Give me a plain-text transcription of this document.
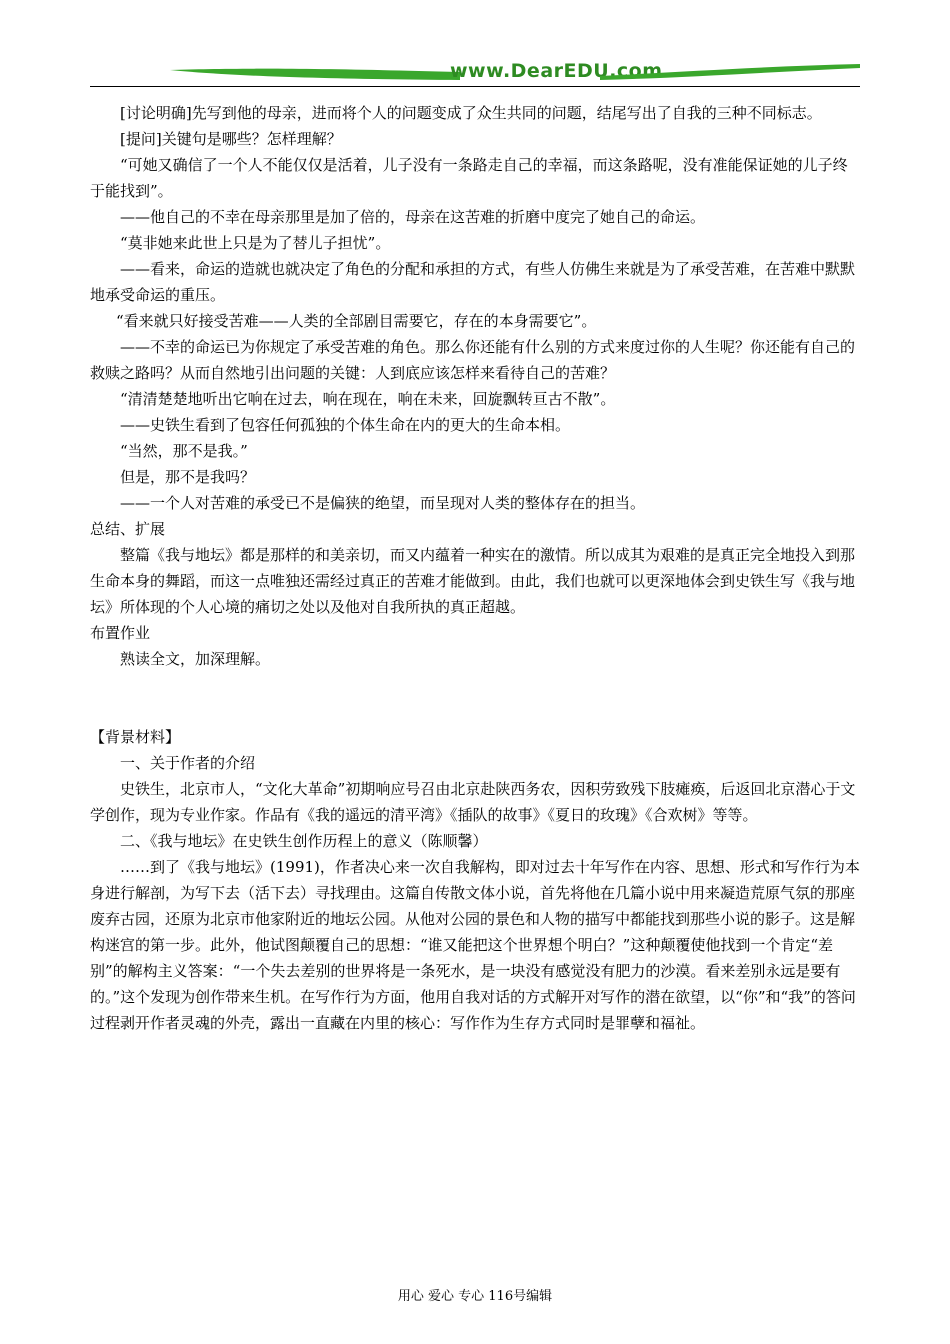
www.DearEDU.com

[讨论明确]先写到他的母亲，进而将个人的问题变成了众生共同的问题，结尾写出了自我的三种不同标志。

[提问]关键句是哪些？怎样理解？

“可她又确信了一个人不能仅仅是活着，儿子没有一条路走自己的幸福，而这条路呢，没有准能保证她的儿子终于能找到”。

——他自己的不幸在母亲那里是加了倍的，母亲在这苦难的折磨中度完了她自己的命运。

“莫非她来此世上只是为了替儿子担忧”。

——看来，命运的造就也就决定了角色的分配和承担的方式，有些人仿佛生来就是为了承受苦难，在苦难中默默地承受命运的重压。

“看来就只好接受苦难——人类的全部剧目需要它，存在的本身需要它”。

——不幸的命运已为你规定了承受苦难的角色。那么你还能有什么别的方式来度过你的人生呢？你还能有自己的救赎之路吗？从而自然地引出问题的关键：人到底应该怎样来看待自己的苦难？

“清清楚楚地听出它响在过去，响在现在，响在未来，回旋飘转亘古不散”。

——史铁生看到了包容任何孤独的个体生命在内的更大的生命本相。

“当然，那不是我。”

但是，那不是我吗？

——一个人对苦难的承受已不是偏狭的绝望，而呈现对人类的整体存在的担当。

总结、扩展

整篇《我与地坛》都是那样的和美亲切，而又内蕴着一种实在的激情。所以成其为艰难的是真正完全地投入到那生命本身的舞蹈，而这一点唯独还需经过真正的苦难才能做到。由此，我们也就可以更深地体会到史铁生写《我与地坛》所体现的个人心境的痛切之处以及他对自我所执的真正超越。

布置作业

熟读全文，加深理解。

【背景材料】

一、关于作者的介绍

史铁生，北京市人，“文化大革命”初期响应号召由北京赴陕西务农，因积劳致残下肢瘫痪，后返回北京潜心于文学创作，现为专业作家。作品有《我的遥远的清平湾》《插队的故事》《夏日的玫瑰》《合欢树》等等。

二、《我与地坛》在史铁生创作历程上的意义（陈顺馨）

……到了《我与地坛》(1991)，作者决心来一次自我解构，即对过去十年写作在内容、思想、形式和写作行为本身进行解剖，为写下去（活下去）寻找理由。这篇自传散文体小说，首先将他在几篇小说中用来凝造荒原气氛的那座废弃古园，还原为北京市他家附近的地坛公园。从他对公园的景色和人物的描写中都能找到那些小说的影子。这是解构迷宫的第一步。此外，他试图颠覆自己的思想：“谁又能把这个世界想个明白？”这种颠覆使他找到一个肯定“差别”的解构主义答案：“一个失去差别的世界将是一条死水，是一块没有感觉没有肥力的沙漠。看来差别永远是要有的。”这个发现为创作带来生机。在写作行为方面，他用自我对话的方式解开对写作的潜在欲望，以“你”和“我”的答问过程剥开作者灵魂的外壳，露出一直藏在内里的核心：写作作为生存方式同时是罪孽和福祉。

用心 爱心 专心 116号编辑
